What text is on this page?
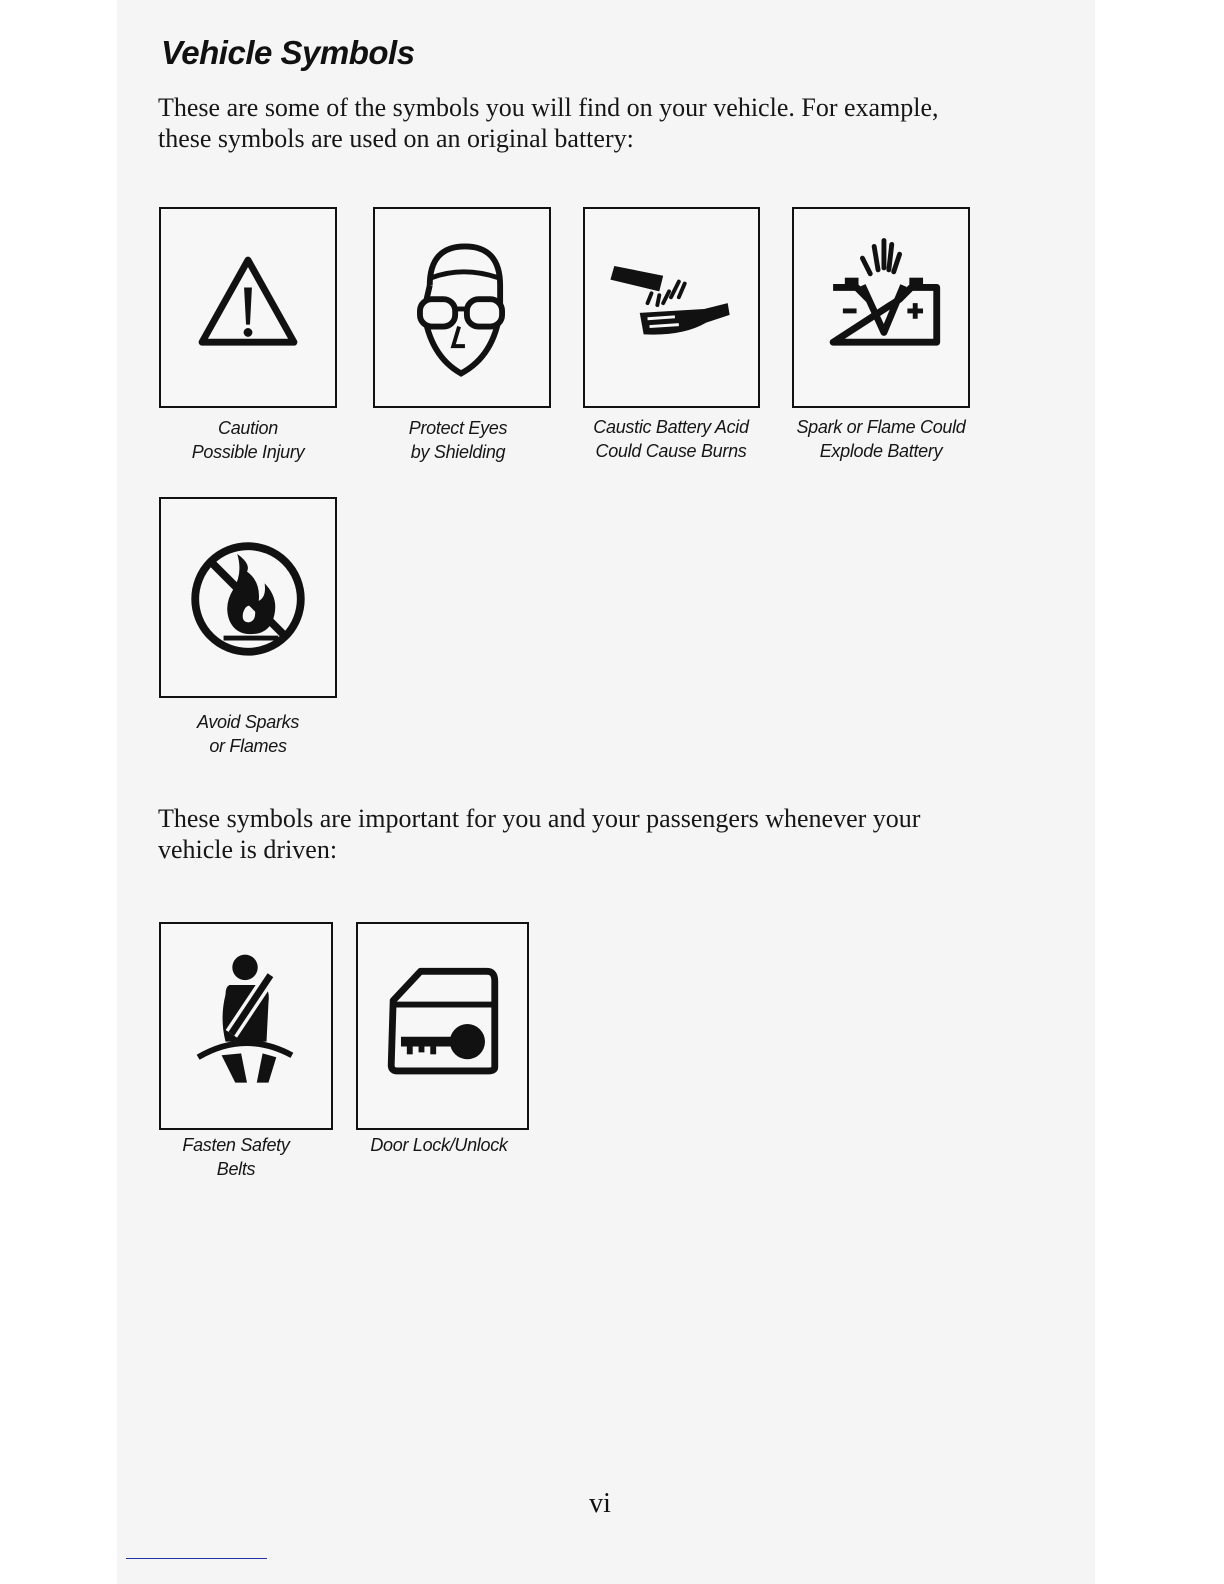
Vehicle Symbols
These are some of the symbols you will find on your vehicle. For example, these symbols are used on an original battery:
Caution
Possible Injury
Protect Eyes
by Shielding
Caustic Battery Acid
Could Cause Burns
Spark or Flame Could
Explode Battery
Avoid Sparks
or Flames
These symbols are important for you and your passengers whenever your vehicle is driven:
Fasten Safety
Belts
Door Lock/Unlock
vi
